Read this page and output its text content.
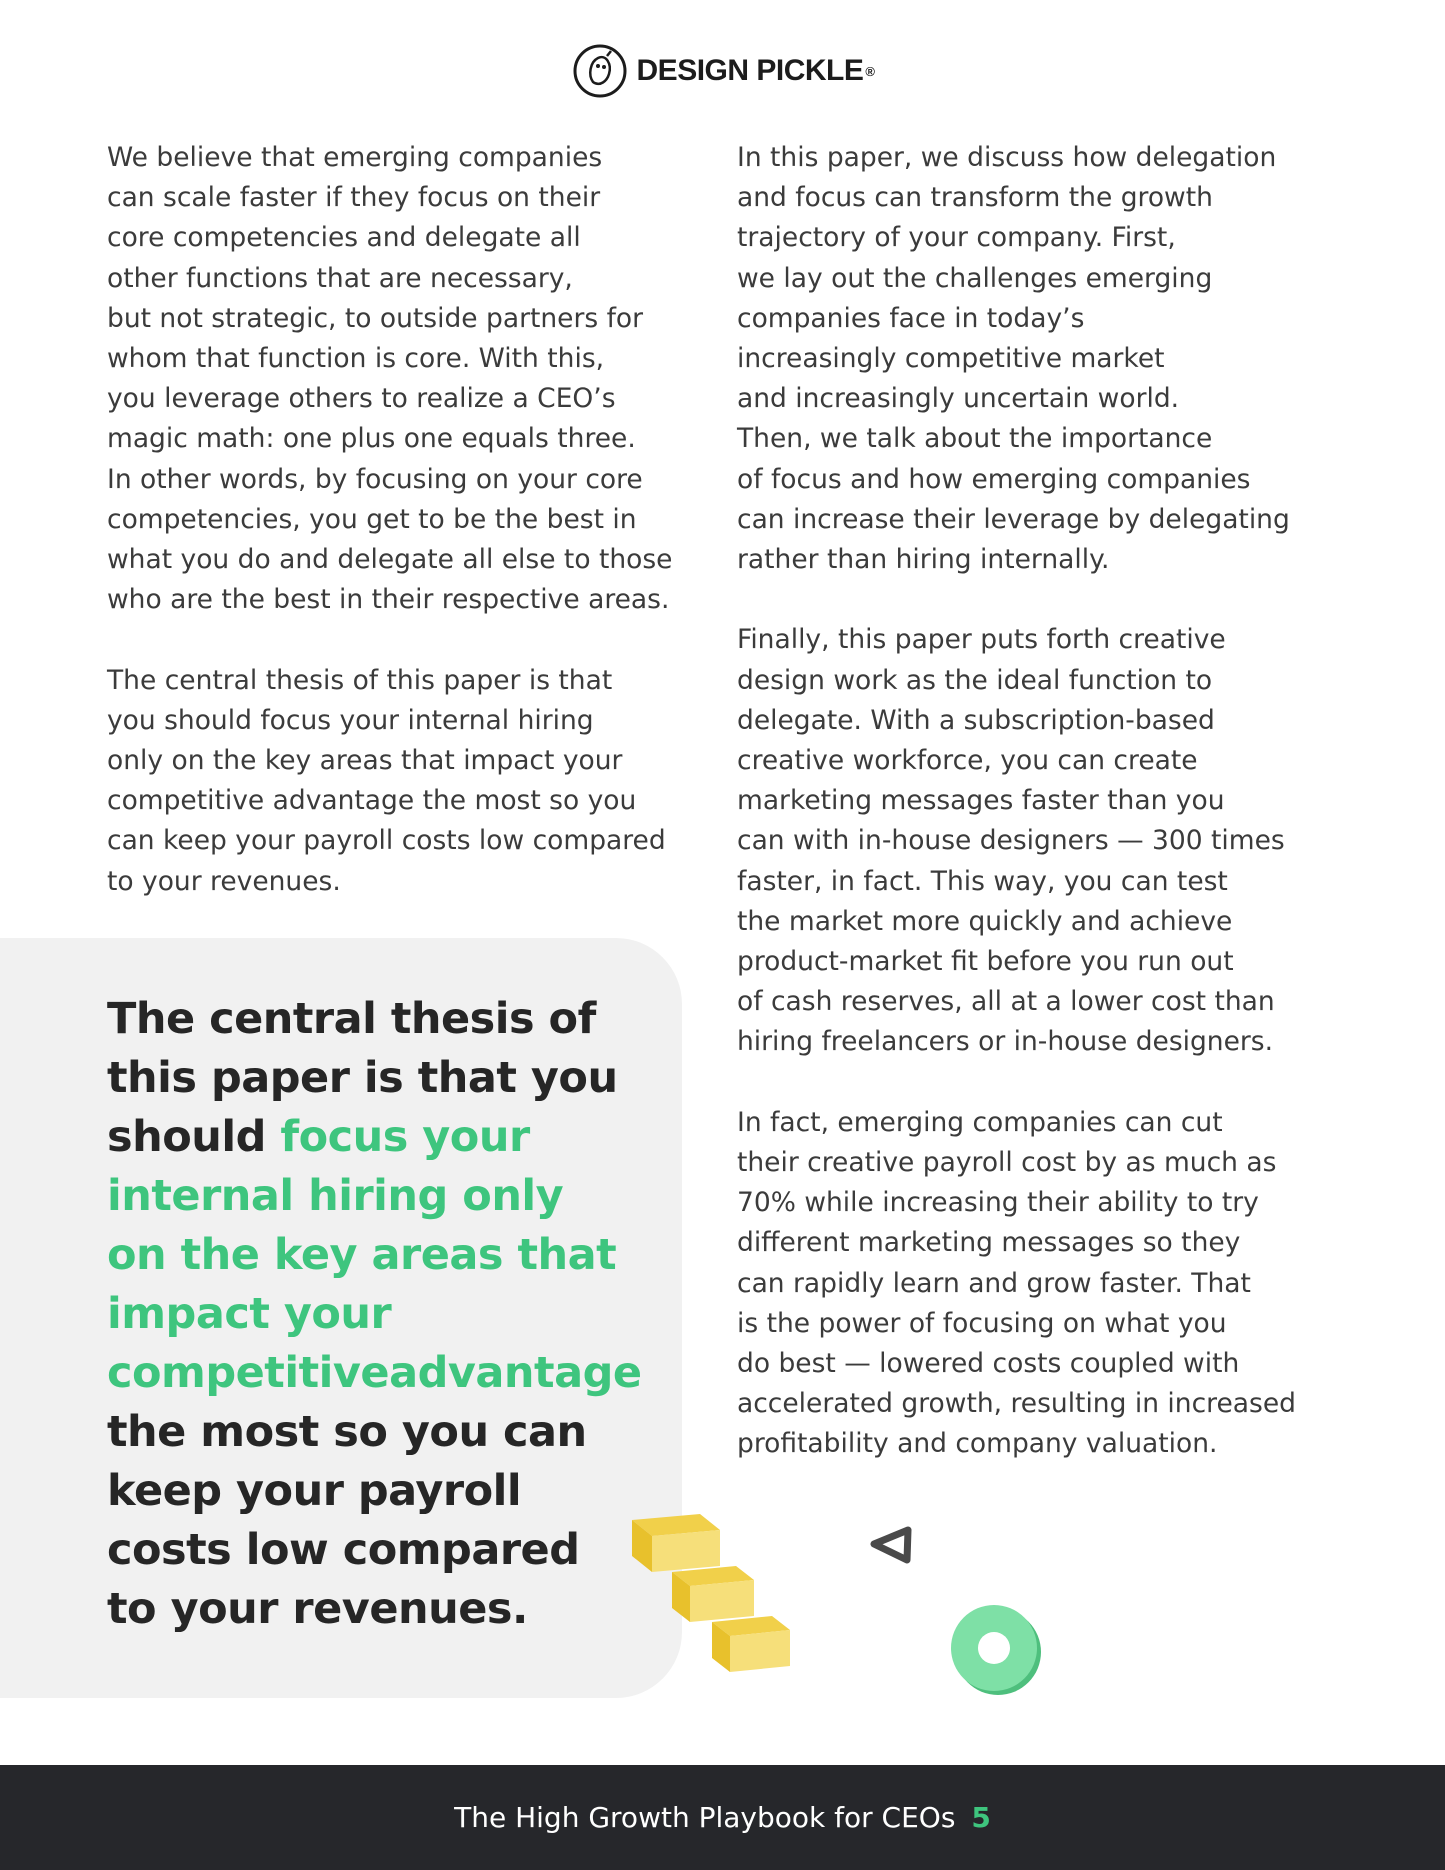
DESIGN PICKLE ®

We believe that emerging companies
can scale faster if they focus on their
core competencies and delegate all
other functions that are necessary,
but not strategic, to outside partners for
whom that function is core. With this,
you leverage others to realize a CEO’s
magic math: one plus one equals three.
In other words, by focusing on your core
competencies, you get to be the best in
what you do and delegate all else to those
who are the best in their respective areas.

The central thesis of this paper is that
you should focus your internal hiring
only on the key areas that impact your
competitive advantage the most so you
can keep your payroll costs low compared
to your revenues.

In this paper, we discuss how delegation
and focus can transform the growth
trajectory of your company. First,
we lay out the challenges emerging
companies face in today’s
increasingly competitive market
and increasingly uncertain world.
Then, we talk about the importance
of focus and how emerging companies
can increase their leverage by delegating
rather than hiring internally.

Finally, this paper puts forth creative
design work as the ideal function to
delegate. With a subscription-based
creative workforce, you can create
marketing messages faster than you
can with in-house designers — 300 times
faster, in fact. This way, you can test
the market more quickly and achieve
product-market fit before you run out
of cash reserves, all at a lower cost than
hiring freelancers or in-house designers.

In fact, emerging companies can cut
their creative payroll cost by as much as
70% while increasing their ability to try
different marketing messages so they
can rapidly learn and grow faster. That
is the power of focusing on what you
do best — lowered costs coupled with
accelerated growth, resulting in increased
profitability and company valuation.

The central thesis of
this paper is that you
should focus your
internal hiring only
on the key areas that
impact your
competitiveadvantage
the most so you can
keep your payroll
costs low compared
to your revenues.
The High Growth Playbook for CEOs 5
